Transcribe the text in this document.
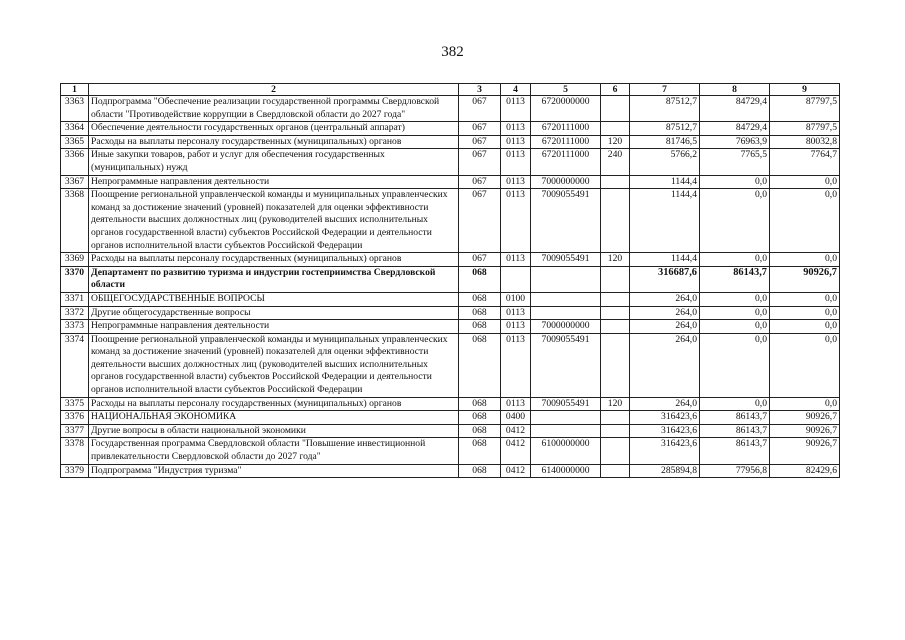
382
1	2	3	4	5	6	7	8	9
3363	Подпрограмма "Обеспечение реализации государственной программы Свердловской области "Противодействие коррупции в Свердловской области до 2027 года"	067	0113	6720000000		87512,7	84729,4	87797,5
3364	Обеспечение деятельности государственных органов (центральный аппарат)	067	0113	6720111000		87512,7	84729,4	87797,5
3365	Расходы на выплаты персоналу государственных (муниципальных) органов	067	0113	6720111000	120	81746,5	76963,9	80032,8
3366	Иные закупки товаров, работ и услуг для обеспечения государственных (муниципальных) нужд	067	0113	6720111000	240	5766,2	7765,5	7764,7
3367	Непрограммные направления деятельности	067	0113	7000000000		1144,4	0,0	0,0
3368	Поощрение региональной управленческой команды и муниципальных управленческих команд за достижение значений (уровней) показателей для оценки эффективности деятельности высших должностных лиц (руководителей высших исполнительных органов государственной власти) субъектов Российской Федерации и деятельности органов исполнительной власти субъектов Российской Федерации	067	0113	7009055491		1144,4	0,0	0,0
3369	Расходы на выплаты персоналу государственных (муниципальных) органов	067	0113	7009055491	120	1144,4	0,0	0,0
3370	Департамент по развитию туризма и индустрии гостеприимства Свердловской области	068				316687,6	86143,7	90926,7
3371	ОБЩЕГОСУДАРСТВЕННЫЕ ВОПРОСЫ	068	0100			264,0	0,0	0,0
3372	Другие общегосударственные вопросы	068	0113			264,0	0,0	0,0
3373	Непрограммные направления деятельности	068	0113	7000000000		264,0	0,0	0,0
3374	Поощрение региональной управленческой команды и муниципальных управленческих команд за достижение значений (уровней) показателей для оценки эффективности деятельности высших должностных лиц (руководителей высших исполнительных органов государственной власти) субъектов Российской Федерации и деятельности органов исполнительной власти субъектов Российской Федерации	068	0113	7009055491		264,0	0,0	0,0
3375	Расходы на выплаты персоналу государственных (муниципальных) органов	068	0113	7009055491	120	264,0	0,0	0,0
3376	НАЦИОНАЛЬНАЯ ЭКОНОМИКА	068	0400			316423,6	86143,7	90926,7
3377	Другие вопросы в области национальной экономики	068	0412			316423,6	86143,7	90926,7
3378	Государственная программа Свердловской области "Повышение инвестиционной привлекательности Свердловской области до 2027 года"	068	0412	6100000000		316423,6	86143,7	90926,7
3379	Подпрограмма "Индустрия туризма"	068	0412	6140000000		285894,8	77956,8	82429,6
